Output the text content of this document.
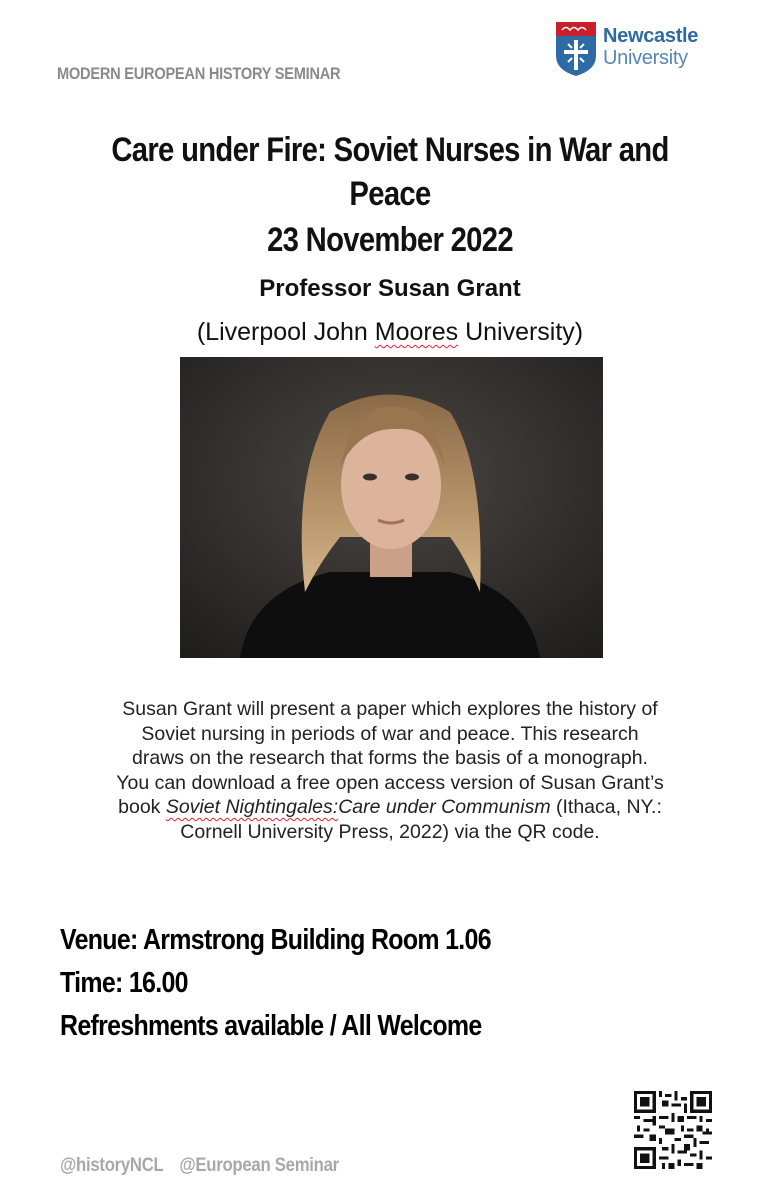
MODERN EUROPEAN HISTORY SEMINAR
Newcastle
University
Care under Fire: Soviet Nurses in War and
Peace
23 November 2022
Professor Susan Grant
(Liverpool John Moores University)
Susan Grant will present a paper which explores the history of
Soviet nursing in periods of war and peace. This research
draws on the research that forms the basis of a monograph.
You can download a free open access version of Susan Grant’s
book Soviet Nightingales:Care under Communism (Ithaca, NY.:
Cornell University Press, 2022) via the QR code.
Venue: Armstrong Building Room 1.06
Time: 16.00
Refreshments available / All Welcome
@historyNCL @European Seminar
